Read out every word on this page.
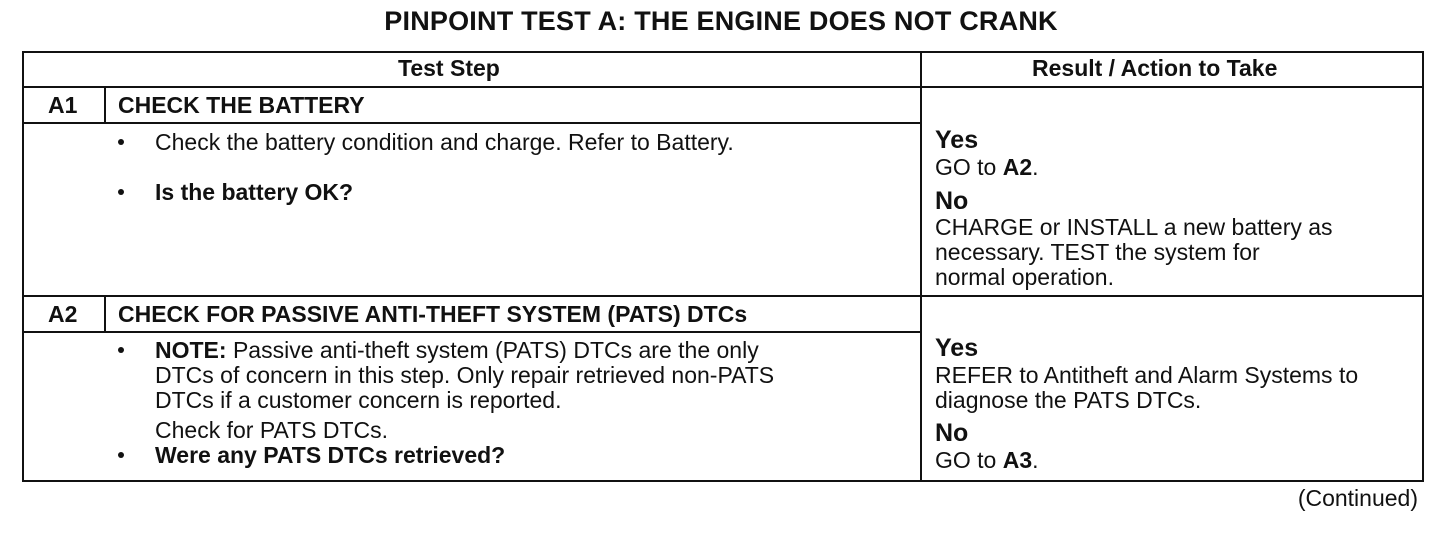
PINPOINT TEST A: THE ENGINE DOES NOT CRANK
Test Step	Result / Action to Take
A1 CHECK THE BATTERY
Check the battery condition and charge. Refer to Battery.
Is the battery OK?
Yes
GO to A2.
No
CHARGE or INSTALL a new battery as
necessary. TEST the system for
normal operation.
A2 CHECK FOR PASSIVE ANTI-THEFT SYSTEM (PATS) DTCs
NOTE: Passive anti-theft system (PATS) DTCs are the only
DTCs of concern in this step. Only repair retrieved non-PATS
DTCs if a customer concern is reported.
Check for PATS DTCs.
Were any PATS DTCs retrieved?
Yes
REFER to Antitheft and Alarm Systems to
diagnose the PATS DTCs.
No
GO to A3.
(Continued)
